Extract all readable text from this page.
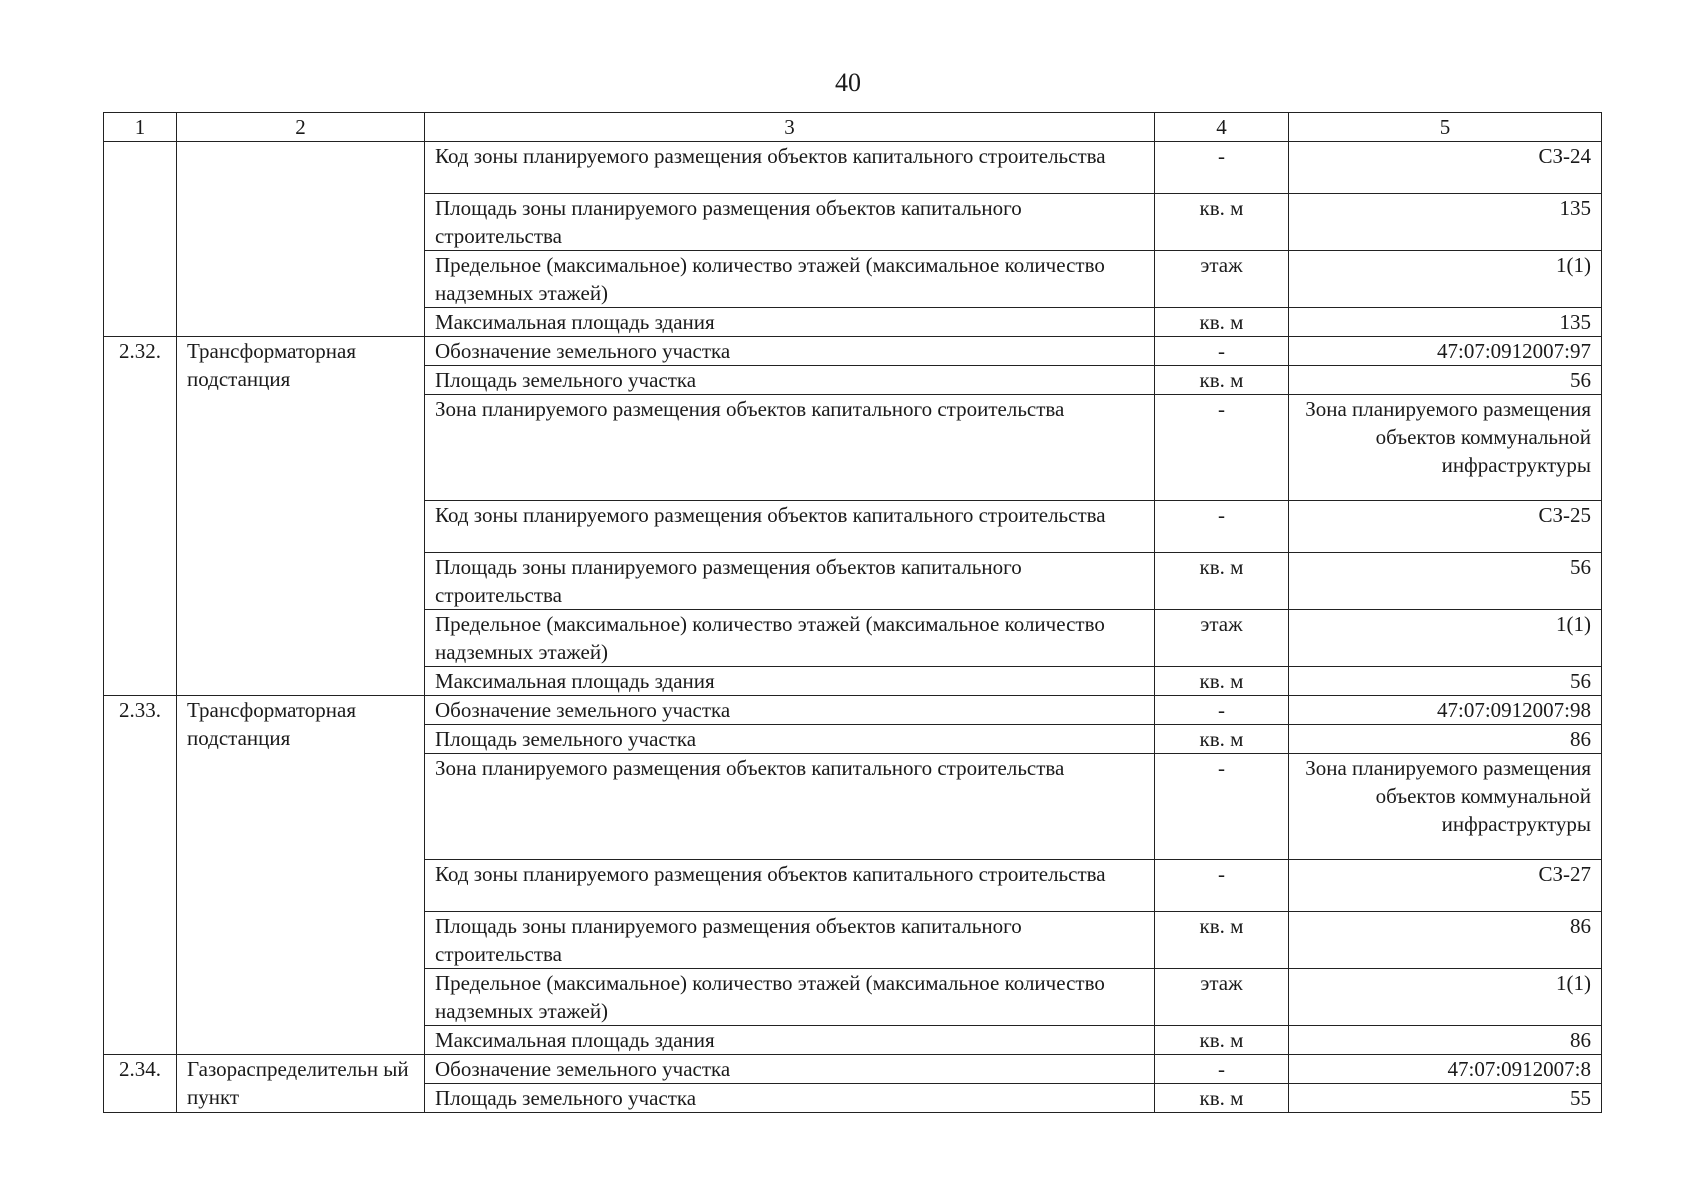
40
1	2	3	4	5
		Код зоны планируемого размещения объектов капитального строительства	-	СЗ-24
		Площадь зоны планируемого размещения объектов капитального строительства	кв. м	135
		Предельное (максимальное) количество этажей (максимальное количество надземных этажей)	этаж	1(1)
		Максимальная площадь здания	кв. м	135
2.32.	Трансформаторная подстанция	Обозначение земельного участка	-	47:07:0912007:97
		Площадь земельного участка	кв. м	56
		Зона планируемого размещения объектов капитального строительства	-	Зона планируемого размещения объектов коммунальной инфраструктуры
		Код зоны планируемого размещения объектов капитального строительства	-	СЗ-25
		Площадь зоны планируемого размещения объектов капитального строительства	кв. м	56
		Предельное (максимальное) количество этажей (максимальное количество надземных этажей)	этаж	1(1)
		Максимальная площадь здания	кв. м	56
2.33.	Трансформаторная подстанция	Обозначение земельного участка	-	47:07:0912007:98
		Площадь земельного участка	кв. м	86
		Зона планируемого размещения объектов капитального строительства	-	Зона планируемого размещения объектов коммунальной инфраструктуры
		Код зоны планируемого размещения объектов капитального строительства	-	СЗ-27
		Площадь зоны планируемого размещения объектов капитального строительства	кв. м	86
		Предельное (максимальное) количество этажей (максимальное количество надземных этажей)	этаж	1(1)
		Максимальная площадь здания	кв. м	86
2.34.	Газораспределительн ый пункт	Обозначение земельного участка	-	47:07:0912007:8
		Площадь земельного участка	кв. м	55
